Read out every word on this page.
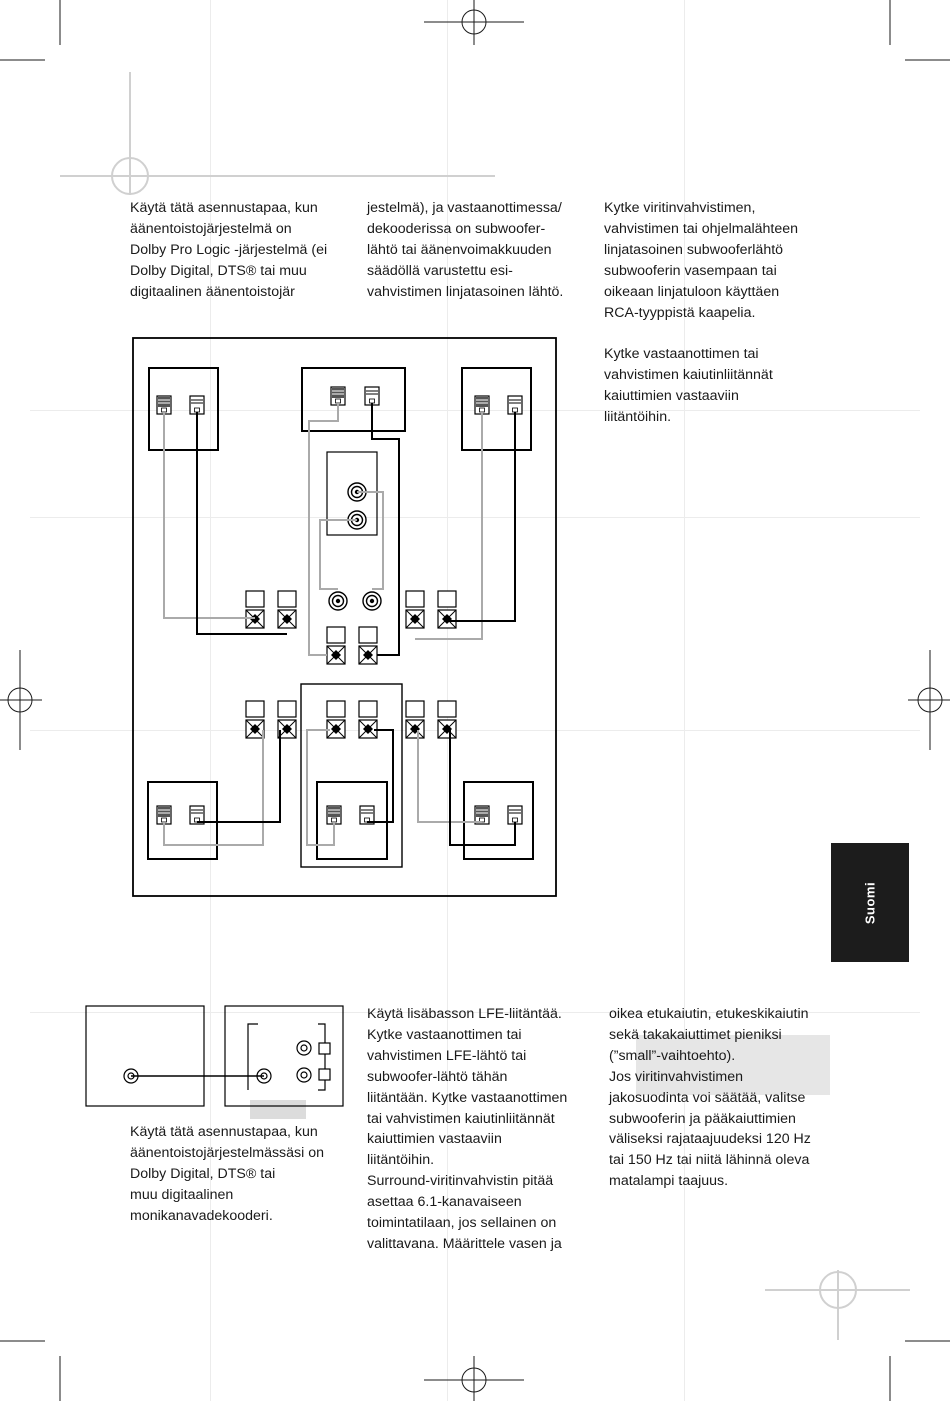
Käytä tätä asennustapaa, kun
äänentoistojärjestelmä on
Dolby Pro Logic -järjestelmä (ei
Dolby Digital, DTS® tai muu
digitaalinen äänentoistojär
jestelmä), ja vastaanottimessa/
dekooderissa on subwoofer-
lähtö tai äänenvoimakkuuden
säädöllä varustettu esi-
vahvistimen linjatasoinen lähtö.
Kytke viritinvahvistimen,
vahvistimen tai ohjelmalähteen
linjatasoinen subwooferlähtö
subwooferin vasempaan tai
oikeaan linjatuloon käyttäen
RCA-tyyppistä kaapelia.

Kytke vastaanottimen tai
vahvistimen kaiutinliitännät
kaiuttimien vastaaviin
liitäntöihin.
Suomi
Käytä tätä asennustapaa, kun
äänentoistojärjestelmässäsi on
Dolby Digital, DTS® tai
muu digitaalinen
monikanavadekooderi.
Käytä lisäbasson LFE-liitäntää.
Kytke vastaanottimen tai
vahvistimen LFE-lähtö tai
subwoofer-lähtö tähän
liitäntään. Kytke vastaanottimen
tai vahvistimen kaiutinliitännät
kaiuttimien vastaaviin
liitäntöihin.
Surround-viritinvahvistin pitää
asettaa 6.1-kanavaiseen
toimintatilaan, jos sellainen on
valittavana. Määrittele vasen ja
oikea etukaiutin, etukeskikaiutin
sekä takakaiuttimet pieniksi
(”small”-vaihtoehto).
Jos viritinvahvistimen
jakosuodinta voi säätää, valitse
subwooferin ja pääkaiuttimien
väliseksi rajataajuudeksi 120 Hz
tai 150 Hz tai niitä lähinnä oleva
matalampi taajuus.
